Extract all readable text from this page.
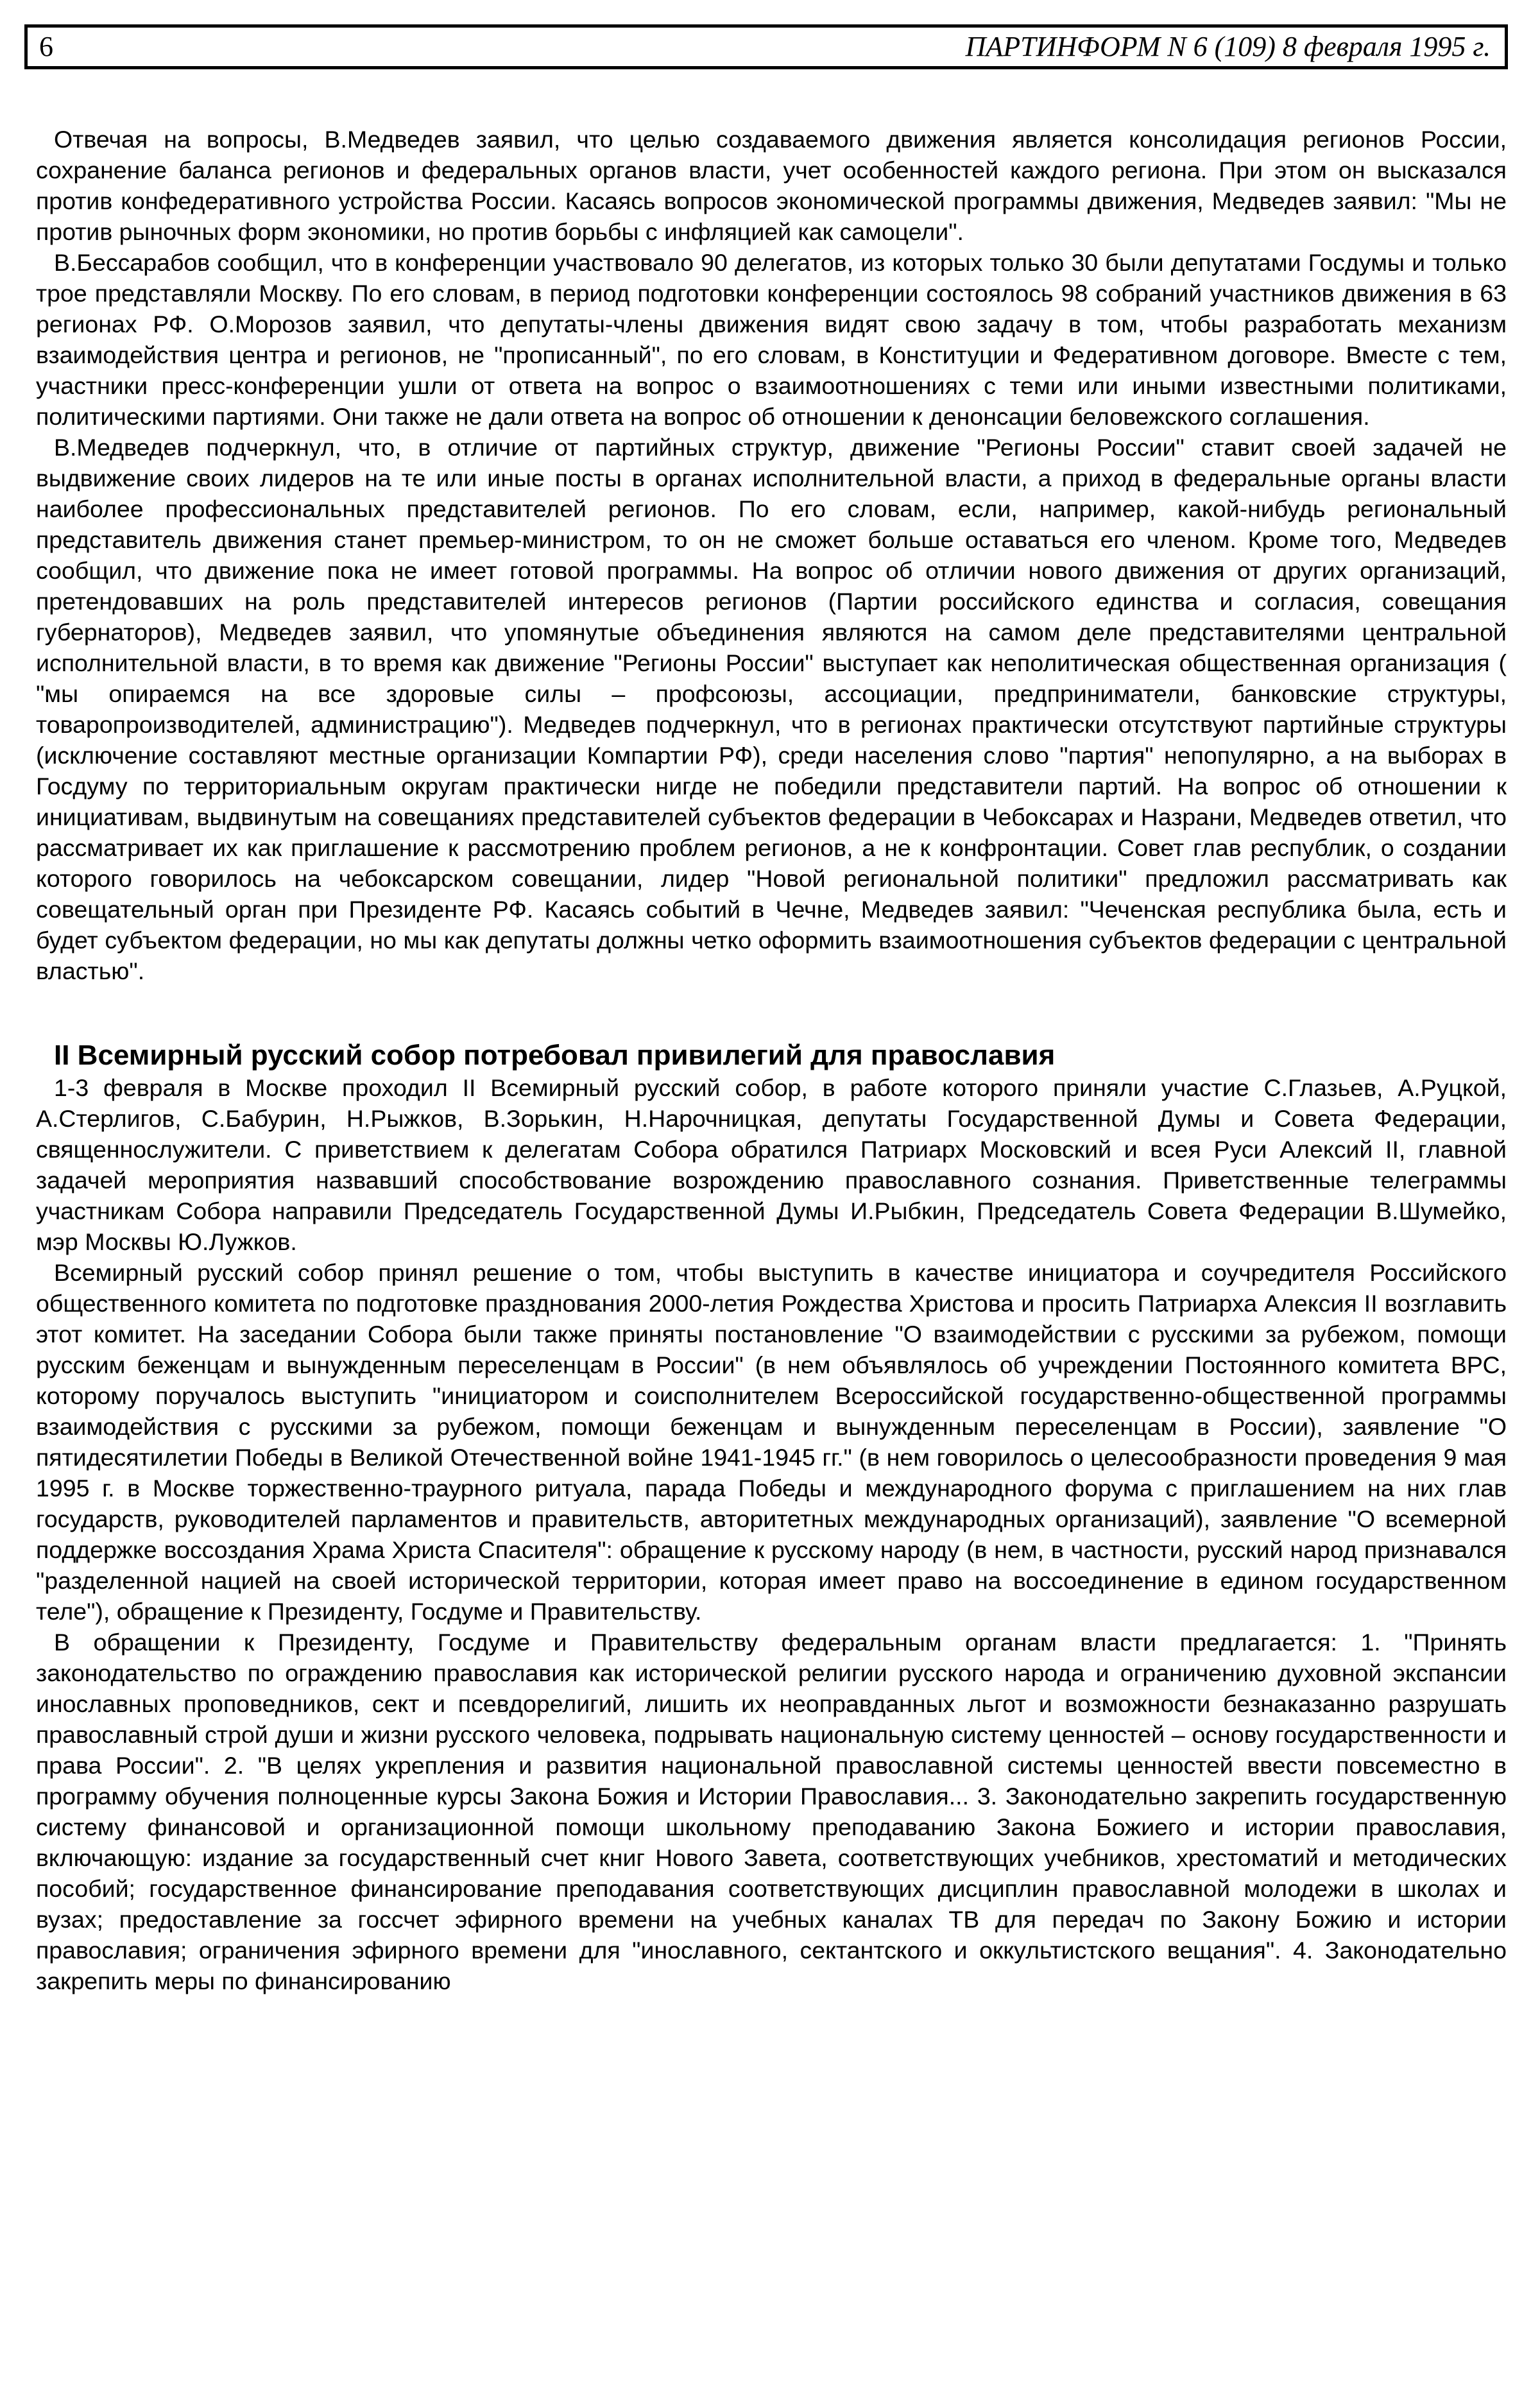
6	ПАРТИНФОРМ N 6 (109) 8 февраля 1995 г.

Отвечая на вопросы, В.Медведев заявил, что целью создаваемого движения является консолидация регионов России, сохранение баланса регионов и федеральных органов власти, учет особенностей каждого региона. При этом он высказался против конфедеративного устройства России. Касаясь вопросов экономической программы движения, Медведев заявил: "Мы не против рыночных форм экономики, но против борьбы с инфляцией как самоцели".

В.Бессарабов сообщил, что в конференции участвовало 90 делегатов, из которых только 30 были депутатами Госдумы и только трое представляли Москву. По его словам, в период подготовки конференции состоялось 98 собраний участников движения в 63 регионах РФ. О.Морозов заявил, что депутаты-члены движения видят свою задачу в том, чтобы разработать механизм взаимодействия центра и регионов, не "прописанный", по его словам, в Конституции и Федеративном договоре. Вместе с тем, участники пресс-конференции ушли от ответа на вопрос о взаимоотношениях с теми или иными известными политиками, политическими партиями. Они также не дали ответа на вопрос об отношении к денонсации беловежского соглашения.

В.Медведев подчеркнул, что, в отличие от партийных структур, движение "Регионы России" ставит своей задачей не выдвижение своих лидеров на те или иные посты в органах исполнительной власти, а приход в федеральные органы власти наиболее профессиональных представителей регионов. По его словам, если, например, какой-нибудь региональный представитель движения станет премьер-министром, то он не сможет больше оставаться его членом. Кроме того, Медведев сообщил, что движение пока не имеет готовой программы. На вопрос об отличии нового движения от других организаций, претендовавших на роль представителей интересов регионов (Партии российского единства и согласия, совещания губернаторов), Медведев заявил, что упомянутые объединения являются на самом деле представителями центральной исполнительной власти, в то время как движение "Регионы России" выступает как неполитическая общественная организация ( "мы опираемся на все здоровые силы – профсоюзы, ассоциации, предприниматели, банковские структуры, товаропроизводителей, администрацию"). Медведев подчеркнул, что в регионах практически отсутствуют партийные структуры (исключение составляют местные организации Компартии РФ), среди населения слово "партия" непопулярно, а на выборах в Госдуму по территориальным округам практически нигде не победили представители партий. На вопрос об отношении к инициативам, выдвинутым на совещаниях представителей субъектов федерации в Чебоксарах и Назрани, Медведев ответил, что рассматривает их как приглашение к рассмотрению проблем регионов, а не к конфронтации. Совет глав республик, о создании которого говорилось на чебоксарском совещании, лидер "Новой региональной политики" предложил рассматривать как совещательный орган при Президенте РФ. Касаясь событий в Чечне, Медведев заявил: "Чеченская республика была, есть и будет субъектом федерации, но мы как депутаты должны четко оформить взаимоотношения субъектов федерации с центральной властью".

II Всемирный русский собор потребовал привилегий для православия

1-3 февраля в Москве проходил II Всемирный русский собор, в работе которого приняли участие С.Глазьев, А.Руцкой, А.Стерлигов, С.Бабурин, Н.Рыжков, В.Зорькин, Н.Нарочницкая, депутаты Государственной Думы и Совета Федерации, священнослужители. С приветствием к делегатам Собора обратился Патриарх Московский и всея Руси Алексий II, главной задачей мероприятия назвавший способствование возрождению православного сознания. Приветственные телеграммы участникам Собора направили Председатель Государственной Думы И.Рыбкин, Председатель Совета Федерации В.Шумейко, мэр Москвы Ю.Лужков.

Всемирный русский собор принял решение о том, чтобы выступить в качестве инициатора и соучредителя Российского общественного комитета по подготовке празднования 2000-летия Рождества Христова и просить Патриарха Алексия II возглавить этот комитет. На заседании Собора были также приняты постановление "О взаимодействии с русскими за рубежом, помощи русским беженцам и вынужденным переселенцам в России" (в нем объявлялось об учреждении Постоянного комитета ВРС, которому поручалось выступить "инициатором и соисполнителем Всероссийской государственно-общественной программы взаимодействия с русскими за рубежом, помощи беженцам и вынужденным переселенцам в России), заявление "О пятидесятилетии Победы в Великой Отечественной войне 1941-1945 гг." (в нем говорилось о целесообразности проведения 9 мая 1995 г. в Москве торжественно-траурного ритуала, парада Победы и международного форума с приглашением на них глав государств, руководителей парламентов и правительств, авторитетных международных организаций), заявление "О всемерной поддержке воссоздания Храма Христа Спасителя": обращение к русскому народу (в нем, в частности, русский народ признавался "разделенной нацией на своей исторической территории, которая имеет право на воссоединение в едином государственном теле"), обращение к Президенту, Госдуме и Правительству.

В обращении к Президенту, Госдуме и Правительству федеральным органам власти предлагается: 1. "Принять законодательство по ограждению православия как исторической религии русского народа и ограничению духовной экспансии инославных проповедников, сект и псевдорелигий, лишить их неоправданных льгот и возможности безнаказанно разрушать православный строй души и жизни русского человека, подрывать национальную систему ценностей – основу государственности и права России". 2. "В целях укрепления и развития национальной православной системы ценностей ввести повсеместно в программу обучения полноценные курсы Закона Божия и Истории Православия... 3. Законодательно закрепить государственную систему финансовой и организационной помощи школьному преподаванию Закона Божиего и истории православия, включающую: издание за государственный счет книг Нового Завета, соответствующих учебников, хрестоматий и методических пособий; государственное финансирование преподавания соответствующих дисциплин православной молодежи в школах и вузах; предоставление за госсчет эфирного времени на учебных каналах ТВ для передач по Закону Божию и истории православия; ограничения эфирного времени для "инославного, сектантского и оккультистского вещания". 4. Законодательно закрепить меры по финансированию
